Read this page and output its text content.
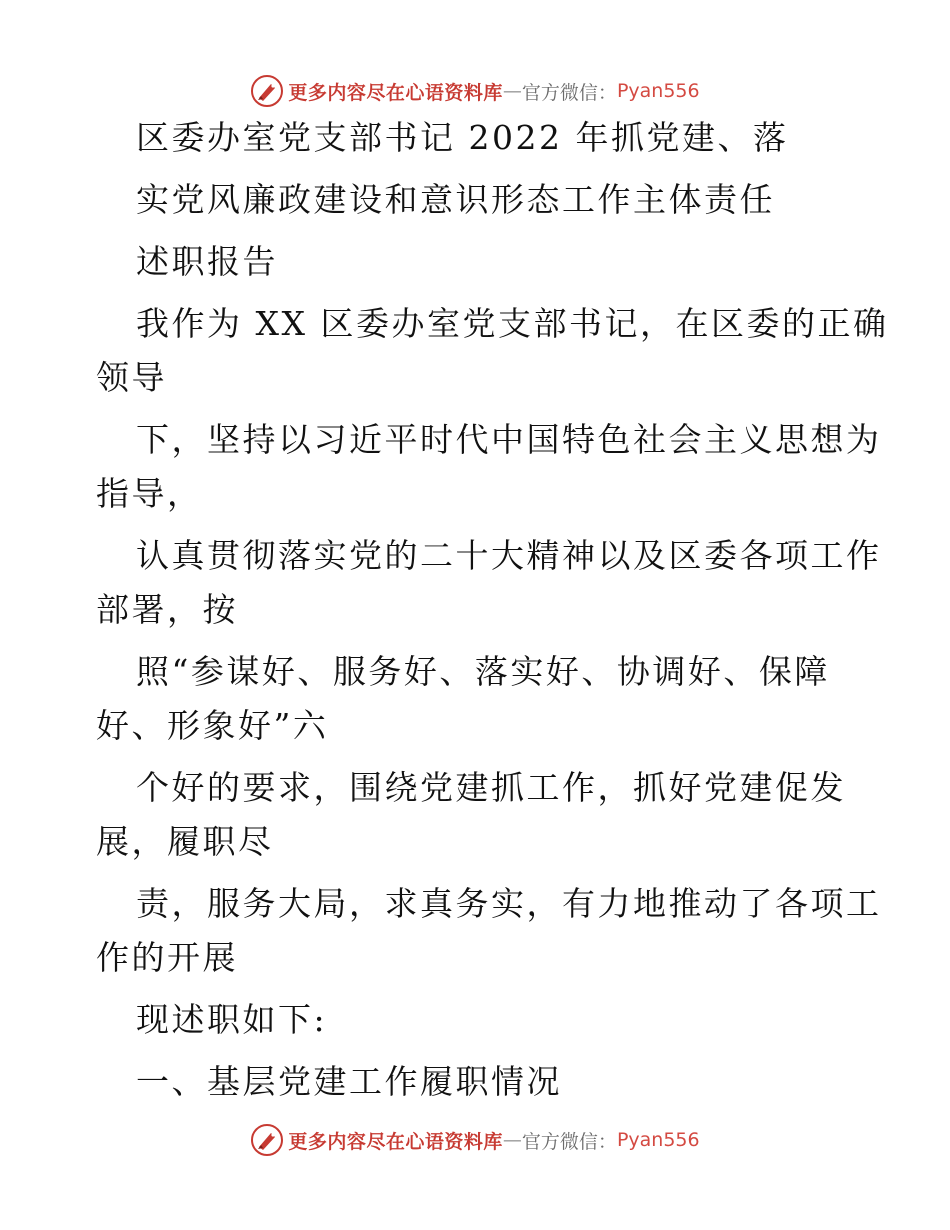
更多内容尽在心语资料库 — 官方微信： Pyan556
区委办室党支部书记 2022 年抓党建、落
实党风廉政建设和意识形态工作主体责任
述职报告
我作为 XX 区委办室党支部书记，在区委的正确
领导
下，坚持以习近平时代中国特色社会主义思想为
指导，
认真贯彻落实党的二十大精神以及区委各项工作
部署，按
照“参谋好、服务好、落实好、协调好、保障
好、形象好”六
个好的要求，围绕党建抓工作，抓好党建促发
展，履职尽
责，服务大局，求真务实，有力地推动了各项工
作的开展
现述职如下:
一、基层党建工作履职情况
更多内容尽在心语资料库 — 官方微信： Pyan556
